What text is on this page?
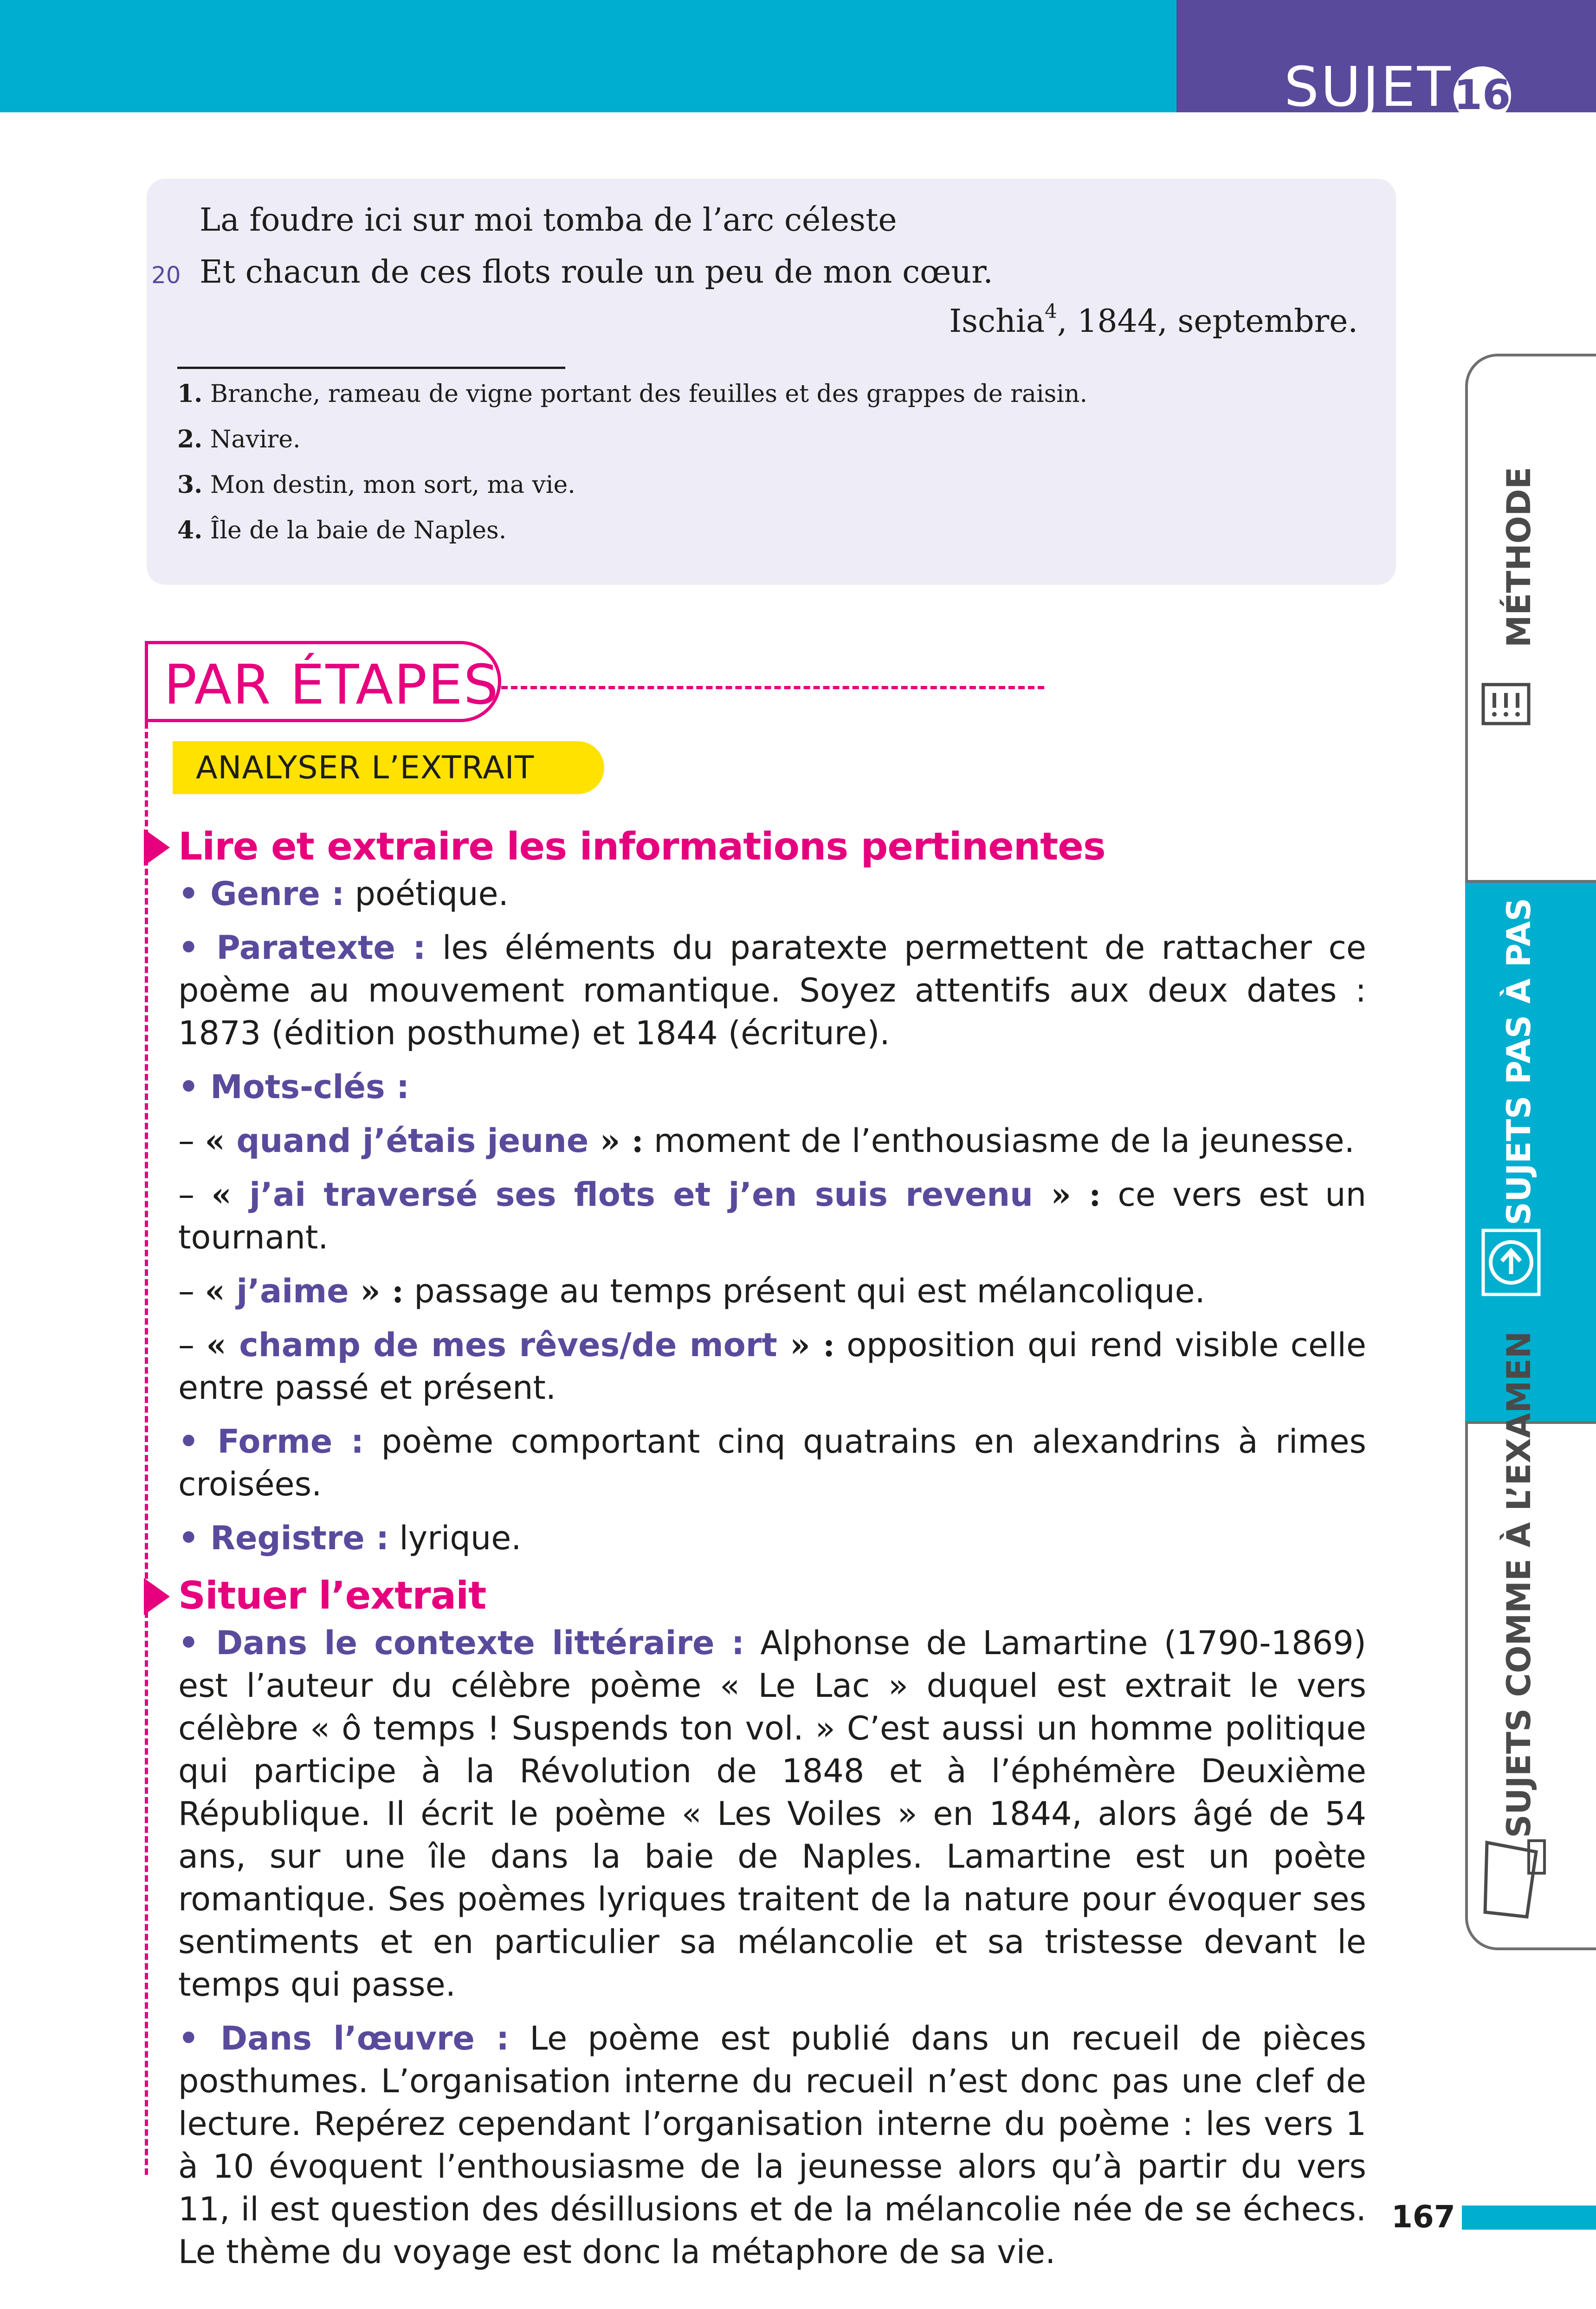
SUJET 16
La foudre ici sur moi tomba de l’arc céleste
20 Et chacun de ces flots roule un peu de mon cœur.
Ischia$^4$, 1844, septembre.
1. Branche, rameau de vigne portant des feuilles et des grappes de raisin.
2. Navire.
3. Mon destin, mon sort, ma vie.
4. Île de la baie de Naples.
PAR ÉTAPES
ANALYSER L’EXTRAIT
Lire et extraire les informations pertinentes

• Genre : poétique.

• Paratexte : les éléments du paratexte permettent de rattacher ce poème au mouvement romantique. Soyez attentifs aux deux dates : 1873 (édition posthume) et 1844 (écriture).

• Mots-clés :

– « quand j’étais jeune » : moment de l’enthousiasme de la jeunesse.

– « j’ai traversé ses flots et j’en suis revenu » : ce vers est un tournant.

– « j’aime » : passage au temps présent qui est mélancolique.

– « champ de mes rêves/de mort » : opposition qui rend visible celle entre passé et présent.

• Forme : poème comportant cinq quatrains en alexandrins à rimes croisées.

• Registre : lyrique.

Situer l’extrait

• Dans le contexte littéraire : Alphonse de Lamartine (1790-1869) est l’auteur du célèbre poème « Le Lac » duquel est extrait le vers célèbre « ô temps ! Suspends ton vol. » C’est aussi un homme politique qui participe à la Révolution de 1848 et à l’éphémère Deuxième République. Il écrit le poème « Les Voiles » en 1844, alors âgé de 54 ans, sur une île dans la baie de Naples. Lamartine est un poète romantique. Ses poèmes lyriques traitent de la nature pour évoquer ses sentiments et en particulier sa mélancolie et sa tristesse devant le temps qui passe.

• Dans l’œuvre : Le poème est publié dans un recueil de pièces posthumes. L’organisation interne du recueil n’est donc pas une clef de lecture. Repérez cependant l’organisation interne du poème : les vers 1 à 10 évoquent l’enthousiasme de la jeunesse alors qu’à partir du vers 11, il est question des désillusions et de la mélancolie née de se échecs. Le thème du voyage est donc la métaphore de sa vie.

MÉTHODE
SUJETS PAS À PAS
SUJETS COMME À L’EXAMEN
167
